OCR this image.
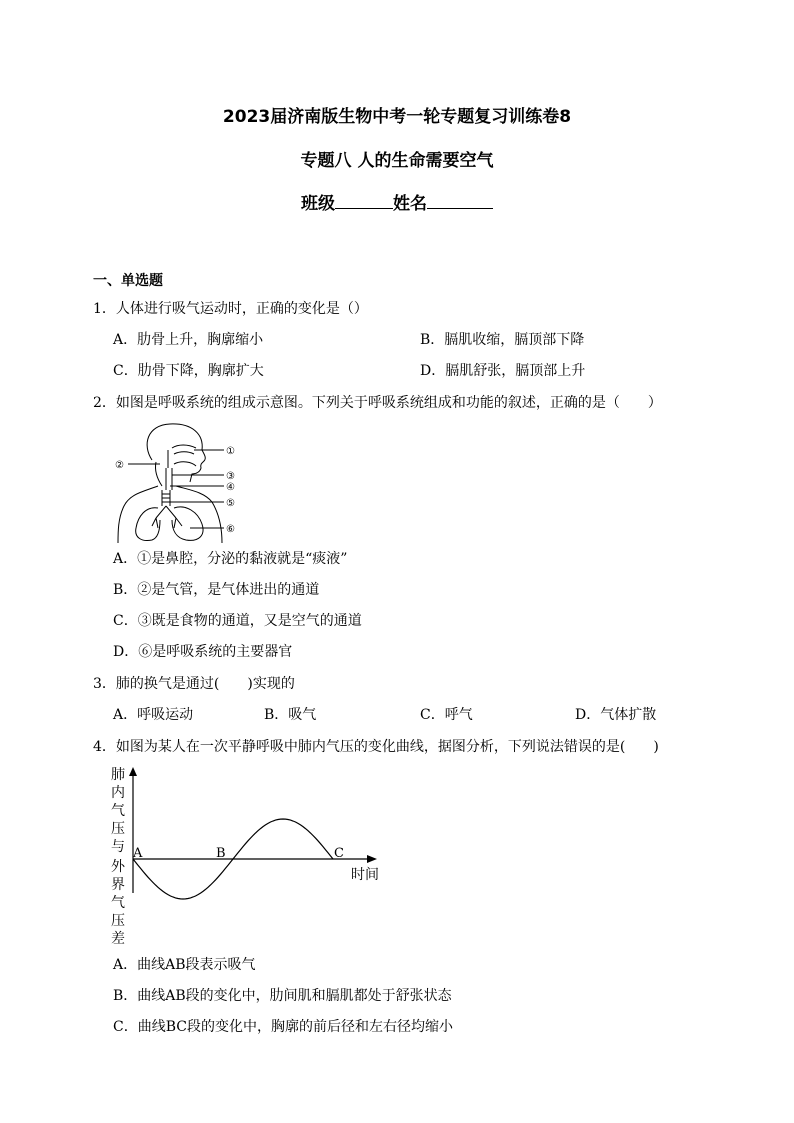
2023届济南版生物中考一轮专题复习训练卷8
专题八 人的生命需要空气
班级	姓名
一、单选题
1．人体进行吸气运动时，正确的变化是（）
A．肋骨上升，胸廓缩小	B．膈肌收缩，膈顶部下降
C．肋骨下降，胸廓扩大	D．膈肌舒张，膈顶部上升
2．如图是呼吸系统的组成示意图。下列关于呼吸系统组成和功能的叙述，正确的是（　　）
①
②
③
④
⑤
⑥
A．①是鼻腔，分泌的黏液就是“痰液”
B．②是气管，是气体进出的通道
C．③既是食物的通道，又是空气的通道
D．⑥是呼吸系统的主要器官
3．肺的换气是通过(　　)实现的
A．呼吸运动	B．吸气	C．呼气	D．气体扩散
4．如图为某人在一次平静呼吸中肺内气压的变化曲线，据图分析，下列说法错误的是(　　)
肺
内
气
压
与
外
界
气
压
差
A	B	C
时间
A．曲线AB段表示吸气
B．曲线AB段的变化中，肋间肌和膈肌都处于舒张状态
C．曲线BC段的变化中，胸廓的前后径和左右径均缩小
